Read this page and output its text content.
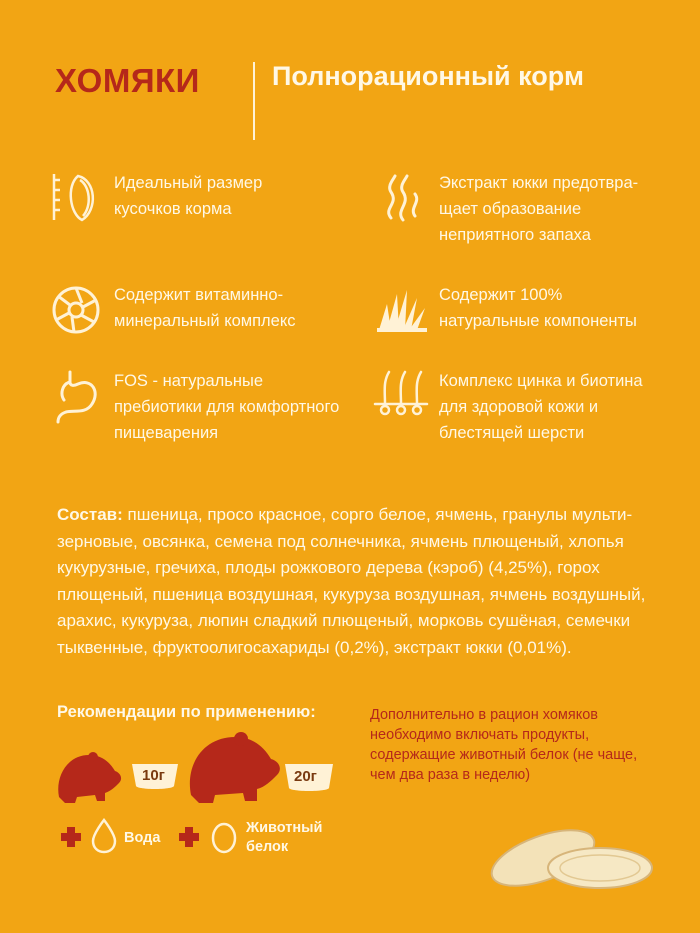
ХОМЯКИ	Полнорационный корм
Идеальный размер кусочков корма
Экстракт юкки предотвра-щает образование неприятного запаха
Содержит витаминно-минеральный комплекс
Содержит 100% натуральные компоненты
FOS - натуральные пребиотики для комфортного пищеварения
Комплекс цинка и биотина для здоровой кожи и блестящей шерсти
Состав: пшеница, просо красное, сорго белое, ячмень, гранулы мульти-зерновые, овсянка, семена под солнечника, ячмень плющеный, хлопья кукурузные, гречиха, плоды рожкового дерева (кэроб) (4,25%), горох плющеный, пшеница воздушная, кукуруза воздушная, ячмень воздушный, арахис, кукуруза, люпин сладкий плющеный, морковь сушёная, семечки тыквенные, фруктоолигосахариды (0,2%), экстракт юкки (0,01%).
Рекомендации по применению:
10г	20г
Вода
Животный белок
Дополнительно в рацион хомяков необходимо включать продукты, содержащие животный белок (не чаще, чем два раза в неделю)
